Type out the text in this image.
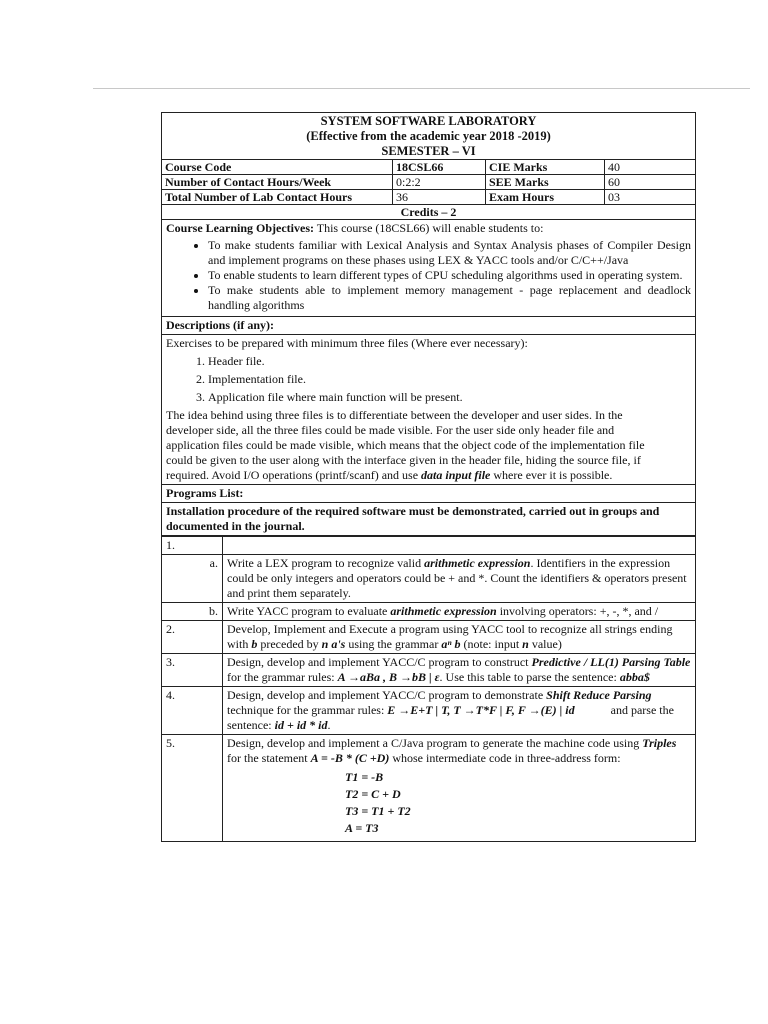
SYSTEM SOFTWARE LABORATORY
(Effective from the academic year 2018 -2019)
SEMESTER – VI
Course Code	18CSL66	CIE Marks	40
Number of Contact Hours/Week	0:2:2	SEE Marks	60
Total Number of Lab Contact Hours	36	Exam Hours	03
Credits – 2
Course Learning Objectives: This course (18CSL66) will enable students to:
• To make students familiar with Lexical Analysis and Syntax Analysis phases of Compiler Design and implement programs on these phases using LEX & YACC tools and/or C/C++/Java
• To enable students to learn different types of CPU scheduling algorithms used in operating system.
• To make students able to implement memory management - page replacement and deadlock handling algorithms
Descriptions (if any):
Exercises to be prepared with minimum three files (Where ever necessary):
1. Header file.
2. Implementation file.
3. Application file where main function will be present.

The idea behind using three files is to differentiate between the developer and user sides. In the developer side, all the three files could be made visible. For the user side only header file and application files could be made visible, which means that the object code of the implementation file could be given to the user along with the interface given in the header file, hiding the source file, if required. Avoid I/O operations (printf/scanf) and use data input file where ever it is possible.

Programs List:
Installation procedure of the required software must be demonstrated, carried out in groups and documented in the journal.
1.	
a.	Write a LEX program to recognize valid arithmetic expression. Identifiers in the expression could be only integers and operators could be + and *. Count the identifiers & operators present and print them separately.
b.	Write YACC program to evaluate arithmetic expression involving operators: +, -, *, and /
2.	Develop, Implement and Execute a program using YACC tool to recognize all strings ending with b preceded by n a's using the grammar aⁿ b (note: input n value)
3.	Design, develop and implement YACC/C program to construct Predictive / LL(1) Parsing Table for the grammar rules: A →aBa , B →bB | ε. Use this table to parse the sentence: abba$
4.	Design, develop and implement YACC/C program to demonstrate Shift Reduce Parsing technique for the grammar rules: E →E+T | T, T →T*F | F, F →(E) | id            and parse the sentence: id + id * id.
5.	Design, develop and implement a C/Java program to generate the machine code using Triples for the statement A = -B * (C +D) whose intermediate code in three-address form:
T1 = -B
T2 = C + D
T3 = T1 + T2
A = T3
